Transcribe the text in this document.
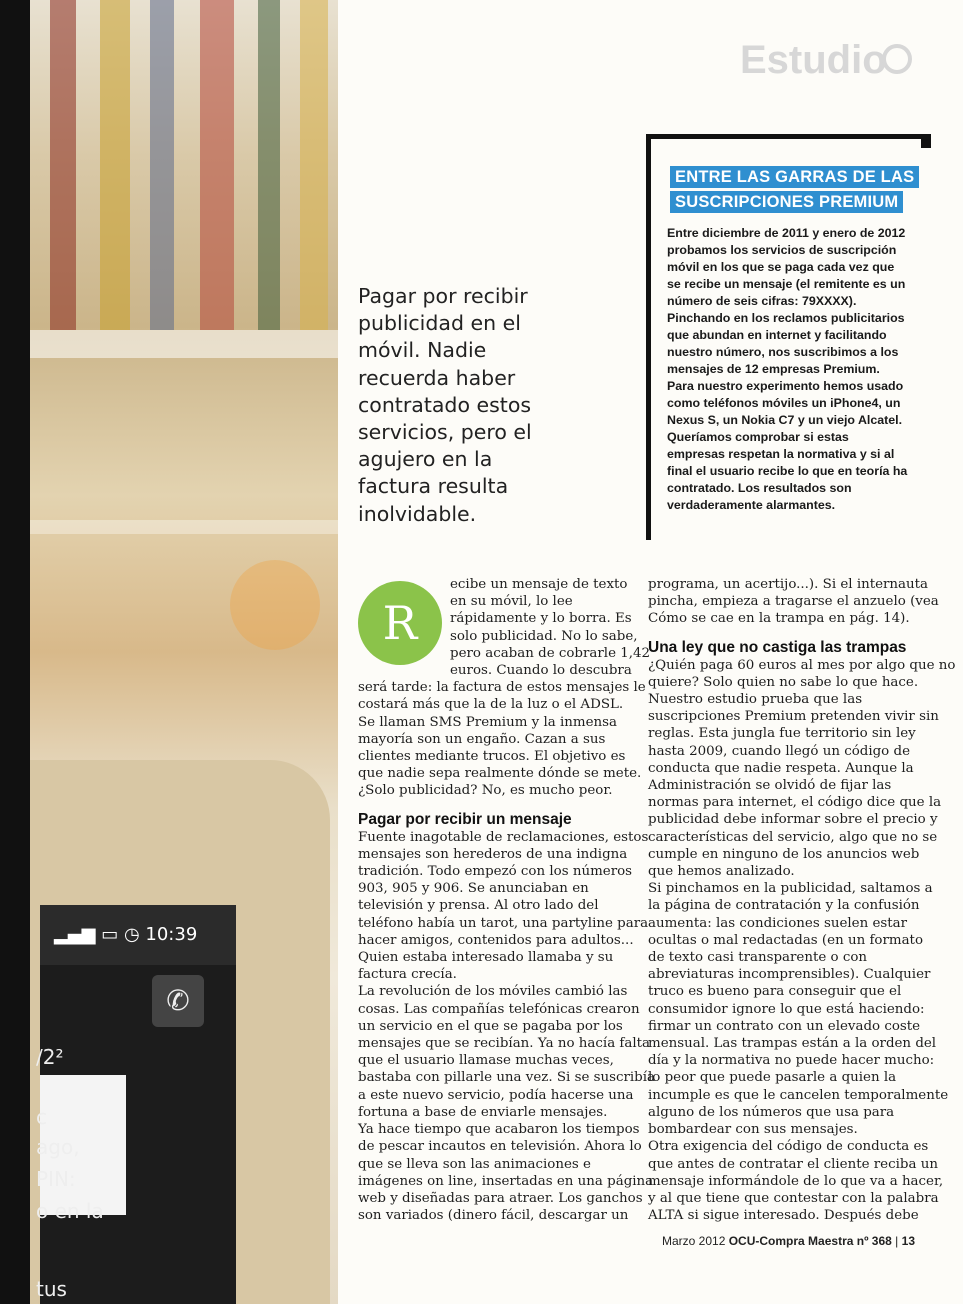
▂▄▆ ▭ ◷ 10:39
✆
/2²
c
ago,
PIN:
o en la
tus
Estudio
Pagar por recibir
publicidad en el
móvil. Nadie
recuerda haber
contratado estos
servicios, pero el
agujero en la
factura resulta
inolvidable.
ENTRE LAS GARRAS DE LAS
SUSCRIPCIONES PREMIUM
Entre diciembre de 2011 y enero de 2012
probamos los servicios de suscripción
móvil en los que se paga cada vez que
se recibe un mensaje (el remitente es un
número de seis cifras: 79XXXX).
Pinchando en los reclamos publicitarios
que abundan en internet y facilitando
nuestro número, nos suscribimos a los
mensajes de 12 empresas Premium.
Para nuestro experimento hemos usado
como teléfonos móviles un iPhone4, un
Nexus S, un Nokia C7 y un viejo Alcatel.
Queríamos comprobar si estas
empresas respetan la normativa y si al
final el usuario recibe lo que en teoría ha
contratado. Los resultados son
verdaderamente alarmantes.
R
ecibe un mensaje de texto
en su móvil, lo lee
rápidamente y lo borra. Es
solo publicidad. No lo sabe,
pero acaban de cobrarle 1,42
euros. Cuando lo descubra
será tarde: la factura de estos mensajes le
costará más que la de la luz o el ADSL.
Se llaman SMS Premium y la inmensa
mayoría son un engaño. Cazan a sus
clientes mediante trucos. El objetivo es
que nadie sepa realmente dónde se mete.
¿Solo publicidad? No, es mucho peor.
Pagar por recibir un mensaje
Fuente inagotable de reclamaciones, estos
mensajes son herederos de una indigna
tradición. Todo empezó con los números
903, 905 y 906. Se anunciaban en
televisión y prensa. Al otro lado del
teléfono había un tarot, una partyline para
hacer amigos, contenidos para adultos...
Quien estaba interesado llamaba y su
factura crecía.
La revolución de los móviles cambió las
cosas. Las compañías telefónicas crearon
un servicio en el que se pagaba por los
mensajes que se recibían. Ya no hacía falta
que el usuario llamase muchas veces,
bastaba con pillarle una vez. Si se suscribía
a este nuevo servicio, podía hacerse una
fortuna a base de enviarle mensajes.
Ya hace tiempo que acabaron los tiempos
de pescar incautos en televisión. Ahora lo
que se lleva son las animaciones e
imágenes on line, insertadas en una página
web y diseñadas para atraer. Los ganchos
son variados (dinero fácil, descargar un
programa, un acertijo...). Si el internauta
pincha, empieza a tragarse el anzuelo (vea
Cómo se cae en la trampa en pág. 14).
Una ley que no castiga las trampas
¿Quién paga 60 euros al mes por algo que no
quiere? Solo quien no sabe lo que hace.
Nuestro estudio prueba que las
suscripciones Premium pretenden vivir sin
reglas. Esta jungla fue territorio sin ley
hasta 2009, cuando llegó un código de
conducta que nadie respeta. Aunque la
Administración se olvidó de fijar las
normas para internet, el código dice que la
publicidad debe informar sobre el precio y
características del servicio, algo que no se
cumple en ninguno de los anuncios web
que hemos analizado.
Si pinchamos en la publicidad, saltamos a
la página de contratación y la confusión
aumenta: las condiciones suelen estar
ocultas o mal redactadas (en un formato
de texto casi transparente o con
abreviaturas incomprensibles). Cualquier
truco es bueno para conseguir que el
consumidor ignore lo que está haciendo:
firmar un contrato con un elevado coste
mensual. Las trampas están a la orden del
día y la normativa no puede hacer mucho:
lo peor que puede pasarle a quien la
incumple es que le cancelen temporalmente
alguno de los números que usa para
bombardear con sus mensajes.
Otra exigencia del código de conducta es
que antes de contratar el cliente reciba un
mensaje informándole de lo que va a hacer,
y al que tiene que contestar con la palabra
ALTA si sigue interesado. Después debe
Marzo 2012 OCU-Compra Maestra nº 368 | 13
